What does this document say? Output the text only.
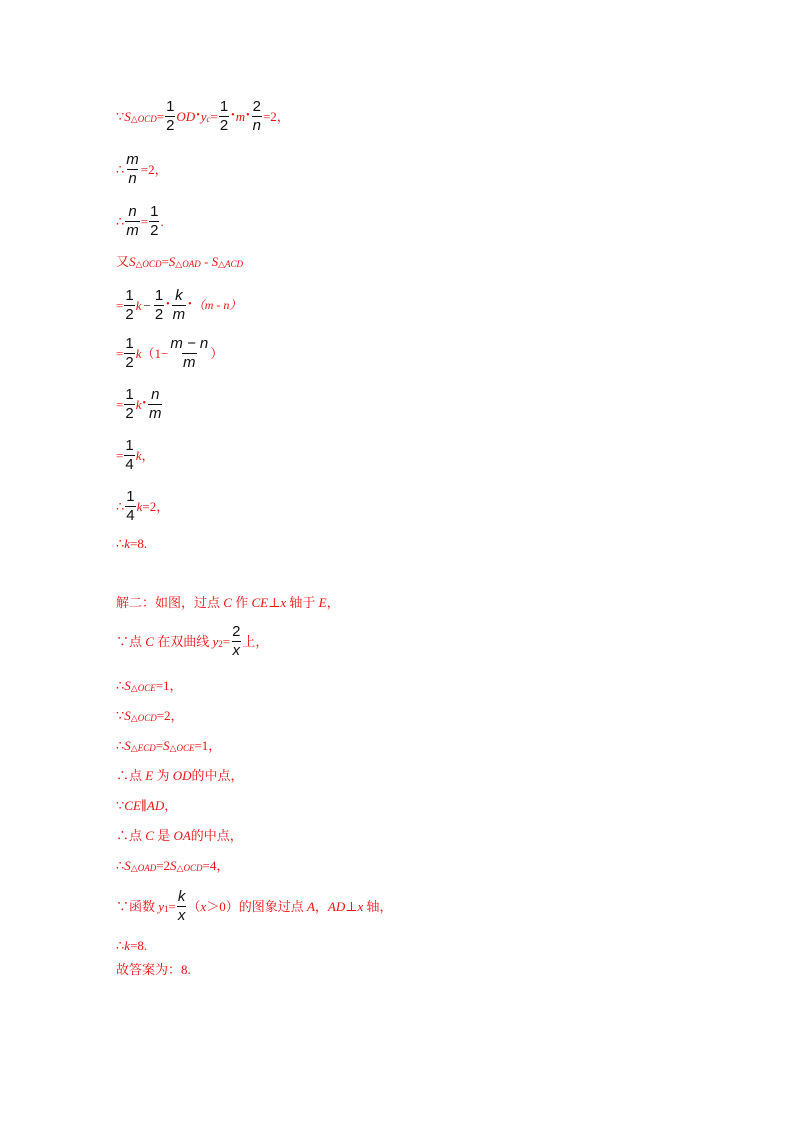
∵ S △OCD = $\frac{1}{2}$ OD • y $c = \frac{1}{2}$ • m • $\frac{2}{n} =2$，
∴ $\frac{m}{n} =2$，
∴ $\frac{n}{m} = \frac{1}{2}$ .
又 S △OCD = S △OAD - S △ACD
= $\frac{1}{2}$ $k - \frac{1}{2}$ • $\frac{k}{m}$ • （m - n）
= $\frac{1}{2}$ k （$1- \frac{m - n}{m}$ ）
= $\frac{1}{2}$ k • $\frac{n}{m}$
= $\frac{1}{4}$ k ，
∴ $\frac{1}{4}$ k =2，
∴ k =8.
解二：如图，过点 C 作 CE ⊥ x 轴于 E ，
∵点 C 在双曲线 y $2 = \frac{2}{x}$ 上，
∴ S △OCE =1，
∵ S △OCD =2，
∴ S △ECD = S △OCE =1，
∴点 E 为 OD 的中点，
∵ CE ∥ AD ，
∴点 C 是 OA 的中点，
∴ S △OAD =2 S △OCD =4，
∵函数 y $1 = \frac{k}{x}$ （ x ＞0）的图象过点 A ， AD ⊥ x 轴，
∴ k =8.
故答案为：8.
